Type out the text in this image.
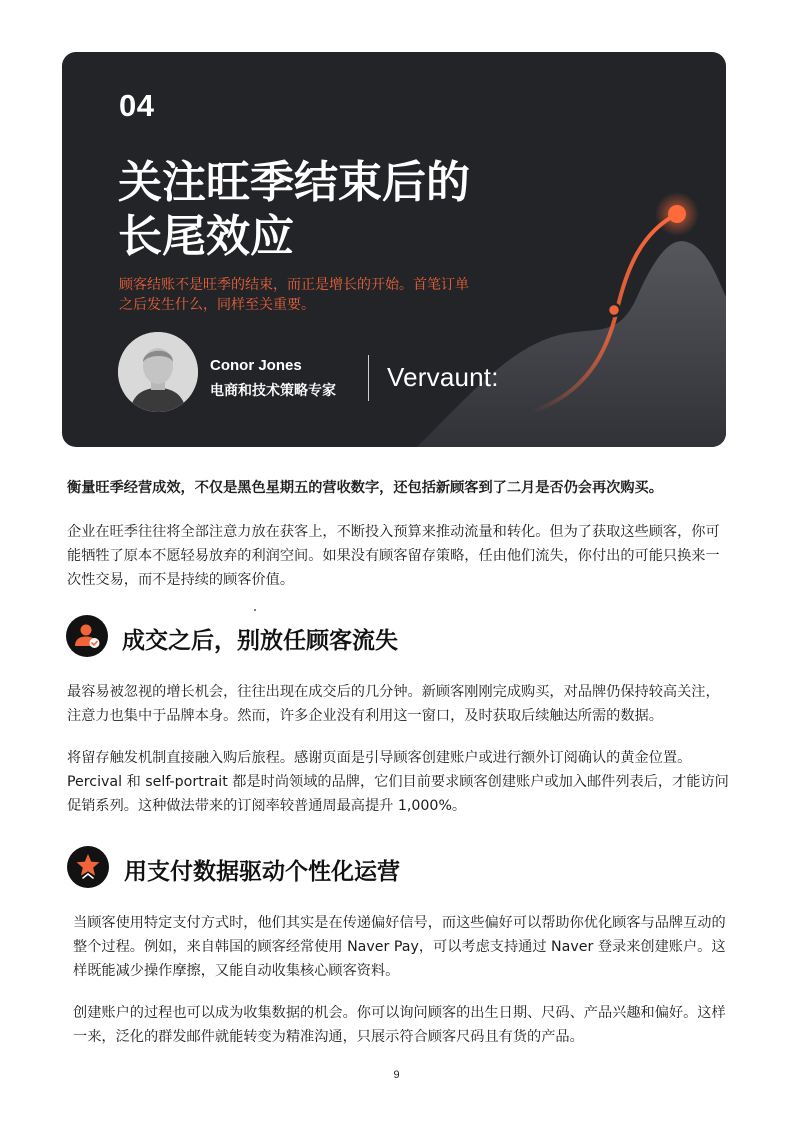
04
关注旺季结束后的长尾效应
顾客结账不是旺季的结束，而正是增长的开始。首笔订单之后发生什么，同样至关重要。
Conor Jones
电商和技术策略专家 Vervaunt:
衡量旺季经营成效，不仅是黑色星期五的营收数字，还包括新顾客到了二月是否仍会再次购买。
企业在旺季往往将全部注意力放在获客上，不断投入预算来推动流量和转化。但为了获取这些顾客，你可能牺牲了原本不愿轻易放弃的利润空间。如果没有顾客留存策略，任由他们流失，你付出的可能只换来一次性交易，而不是持续的顾客价值。
成交之后，别放任顾客流失
最容易被忽视的增长机会，往往出现在成交后的几分钟。新顾客刚刚完成购买，对品牌仍保持较高关注，注意力也集中于品牌本身。然而，许多企业没有利用这一窗口，及时获取后续触达所需的数据。
将留存触发机制直接融入购后旅程。感谢页面是引导顾客创建账户或进行额外订阅确认的黄金位置。Percival 和 self-portrait 都是时尚领域的品牌，它们目前要求顾客创建账户或加入邮件列表后，才能访问促销系列。这种做法带来的订阅率较普通周最高提升 1,000%。
用支付数据驱动个性化运营
当顾客使用特定支付方式时，他们其实是在传递偏好信号，而这些偏好可以帮助你优化顾客与品牌互动的整个过程。例如，来自韩国的顾客经常使用 Naver Pay，可以考虑支持通过 Naver 登录来创建账户。这样既能减少操作摩擦，又能自动收集核心顾客资料。
创建账户的过程也可以成为收集数据的机会。你可以询问顾客的出生日期、尺码、产品兴趣和偏好。这样一来，泛化的群发邮件就能转变为精准沟通，只展示符合顾客尺码且有货的产品。
9
